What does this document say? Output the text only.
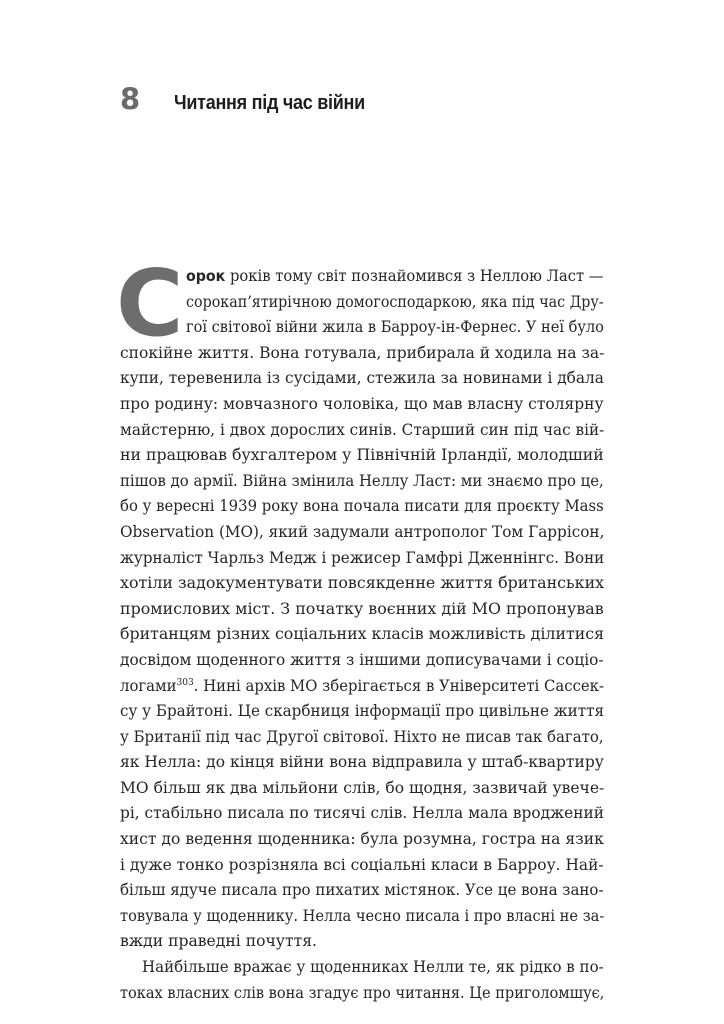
8	Читання під час війни
С орок років тому світ познайомився з Неллою Ласт —
сорокап’ятирічною домогосподаркою, яка під час Дру-
гої світової війни жила в Барроу-ін-Фернес. У неї було
спокійне життя. Вона готувала, прибирала й ходила на за-
купи, теревенила із сусідами, стежила за новинами і дбала
про родину: мовчазного чоловіка, що мав власну столярну
майстерню, і двох дорослих синів. Старший син під час вій-
ни працював бухгалтером у Північній Ірландії, молодший
пішов до армії. Війна змінила Неллу Ласт: ми знаємо про це,
бо у вересні 1939 року вона почала писати для проєкту Mass
Observation (МО), який задумали антрополог Том Гаррісон,
журналіст Чарльз Медж і режисер Гамфрі Дженнінгс. Вони
хотіли задокументувати повсякденне життя британських
промислових міст. З початку воєнних дій МО пропонував
британцям різних соціальних класів можливість ділитися
досвідом щоденного життя з іншими дописувачами і соціо-
логами$^{303}$. Нині архів МО зберігається в Університеті Сассек-
су у Брайтоні. Це скарбниця інформації про цивільне життя
у Британії під час Другої світової. Ніхто не писав так багато,
як Нелла: до кінця війни вона відправила у штаб-квартиру
МО більш як два мільйони слів, бо щодня, зазвичай увече-
рі, стабільно писала по тисячі слів. Нелла мала вроджений
хист до ведення щоденника: була розумна, гостра на язик
і дуже тонко розрізняла всі соціальні класи в Барроу. Най-
більш ядуче писала про пихатих містянок. Усе це вона зано-
товувала у щоденнику. Нелла чесно писала і про власні не за-
вжди праведні почуття.
Найбільше вражає у щоденниках Нелли те, як рідко в по-
токах власних слів вона згадує про читання. Це приголомшує,
